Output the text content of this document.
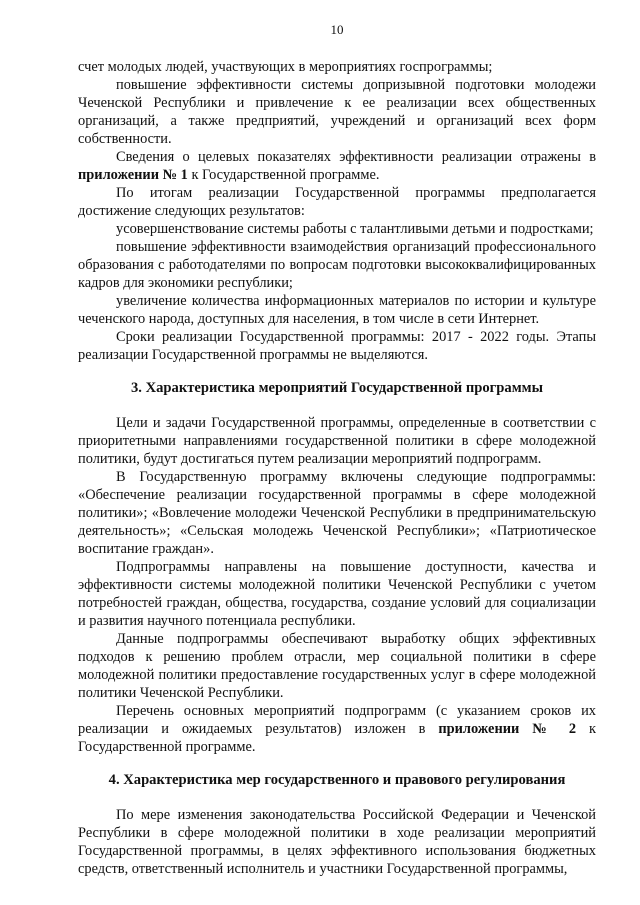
10

счет молодых людей, участвующих в мероприятиях госпрограммы;

повышение эффективности системы допризывной подготовки молодежи Чеченской Республики и привлечение к ее реализации всех общественных организаций, а также предприятий, учреждений и организаций всех форм собственности.

Сведения о целевых показателях эффективности реализации отражены в приложении № 1 к Государственной программе.

По итогам реализации Государственной программы предполагается достижение следующих результатов:

усовершенствование системы работы с талантливыми детьми и подростками;

повышение эффективности взаимодействия организаций профессионального образования с работодателями по вопросам подготовки высококвалифицированных кадров для экономики республики;

увеличение количества информационных материалов по истории и культуре чеченского народа, доступных для населения, в том числе в сети Интернет.

Сроки реализации Государственной программы: 2017 - 2022 годы. Этапы реализации Государственной программы не выделяются.

3. Характеристика мероприятий Государственной программы

Цели и задачи Государственной программы, определенные в соответствии с приоритетными направлениями государственной политики в сфере молодежной политики, будут достигаться путем реализации мероприятий подпрограмм.

В Государственную программу включены следующие подпрограммы: «Обеспечение реализации государственной программы в сфере молодежной политики»; «Вовлечение молодежи Чеченской Республики в предпринимательскую деятельность»; «Сельская молодежь Чеченской Республики»; «Патриотическое воспитание граждан».

Подпрограммы направлены на повышение доступности, качества и эффективности системы молодежной политики Чеченской Республики с учетом потребностей граждан, общества, государства, создание условий для социализации и развития научного потенциала республики.

Данные подпрограммы обеспечивают выработку общих эффективных подходов к решению проблем отрасли, мер социальной политики в сфере молодежной политики предоставление государственных услуг в сфере молодежной политики Чеченской Республики.

Перечень основных мероприятий подпрограмм (с указанием сроков их реализации и ожидаемых результатов) изложен в приложении № 2 к Государственной программе.

4. Характеристика мер государственного и правового регулирования

По мере изменения законодательства Российской Федерации и Чеченской Республики в сфере молодежной политики в ходе реализации мероприятий Государственной программы, в целях эффективного использования бюджетных средств, ответственный исполнитель и участники Государственной программы,
